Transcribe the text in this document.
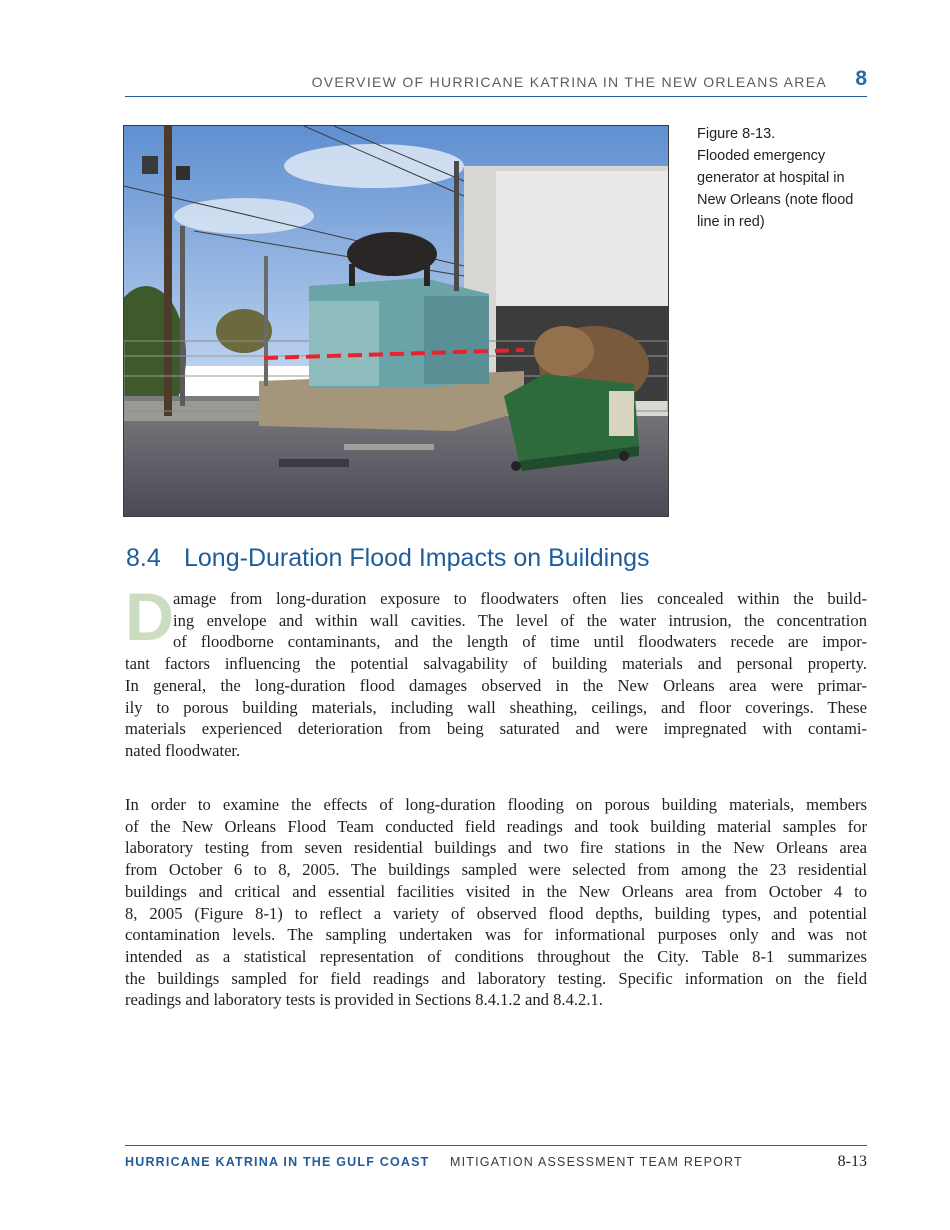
OVERVIEW OF HURRICANE KATRINA IN THE NEW ORLEANS AREA 8
Figure 8-13.
Flooded emergency
generator at hospital in
New Orleans (note flood
line in red)
8.4 Long-Duration Flood Impacts on Buildings
D
amage from long-duration exposure to floodwaters often lies concealed within the build-
ing envelope and within wall cavities. The level of the water intrusion, the concentration
of floodborne contaminants, and the length of time until floodwaters recede are impor-
tant factors influencing the potential salvagability of building materials and personal property.
In general, the long-duration flood damages observed in the New Orleans area were primar-
ily to porous building materials, including wall sheathing, ceilings, and floor coverings. These
materials experienced deterioration from being saturated and were impregnated with contami-
nated floodwater.
In order to examine the effects of long-duration flooding on porous building materials, members
of the New Orleans Flood Team conducted field readings and took building material samples for
laboratory testing from seven residential buildings and two fire stations in the New Orleans area
from October 6 to 8, 2005. The buildings sampled were selected from among the 23 residential
buildings and critical and essential facilities visited in the New Orleans area from October 4 to
8, 2005 (Figure 8-1) to reflect a variety of observed flood depths, building types, and potential
contamination levels. The sampling undertaken was for informational purposes only and was not
intended as a statistical representation of conditions throughout the City. Table 8-1 summarizes
the buildings sampled for field readings and laboratory testing. Specific information on the field
readings and laboratory tests is provided in Sections 8.4.1.2 and 8.4.2.1.
HURRICANE KATRINA IN THE GULF COAST MITIGATION ASSESSMENT TEAM REPORT	8-13
